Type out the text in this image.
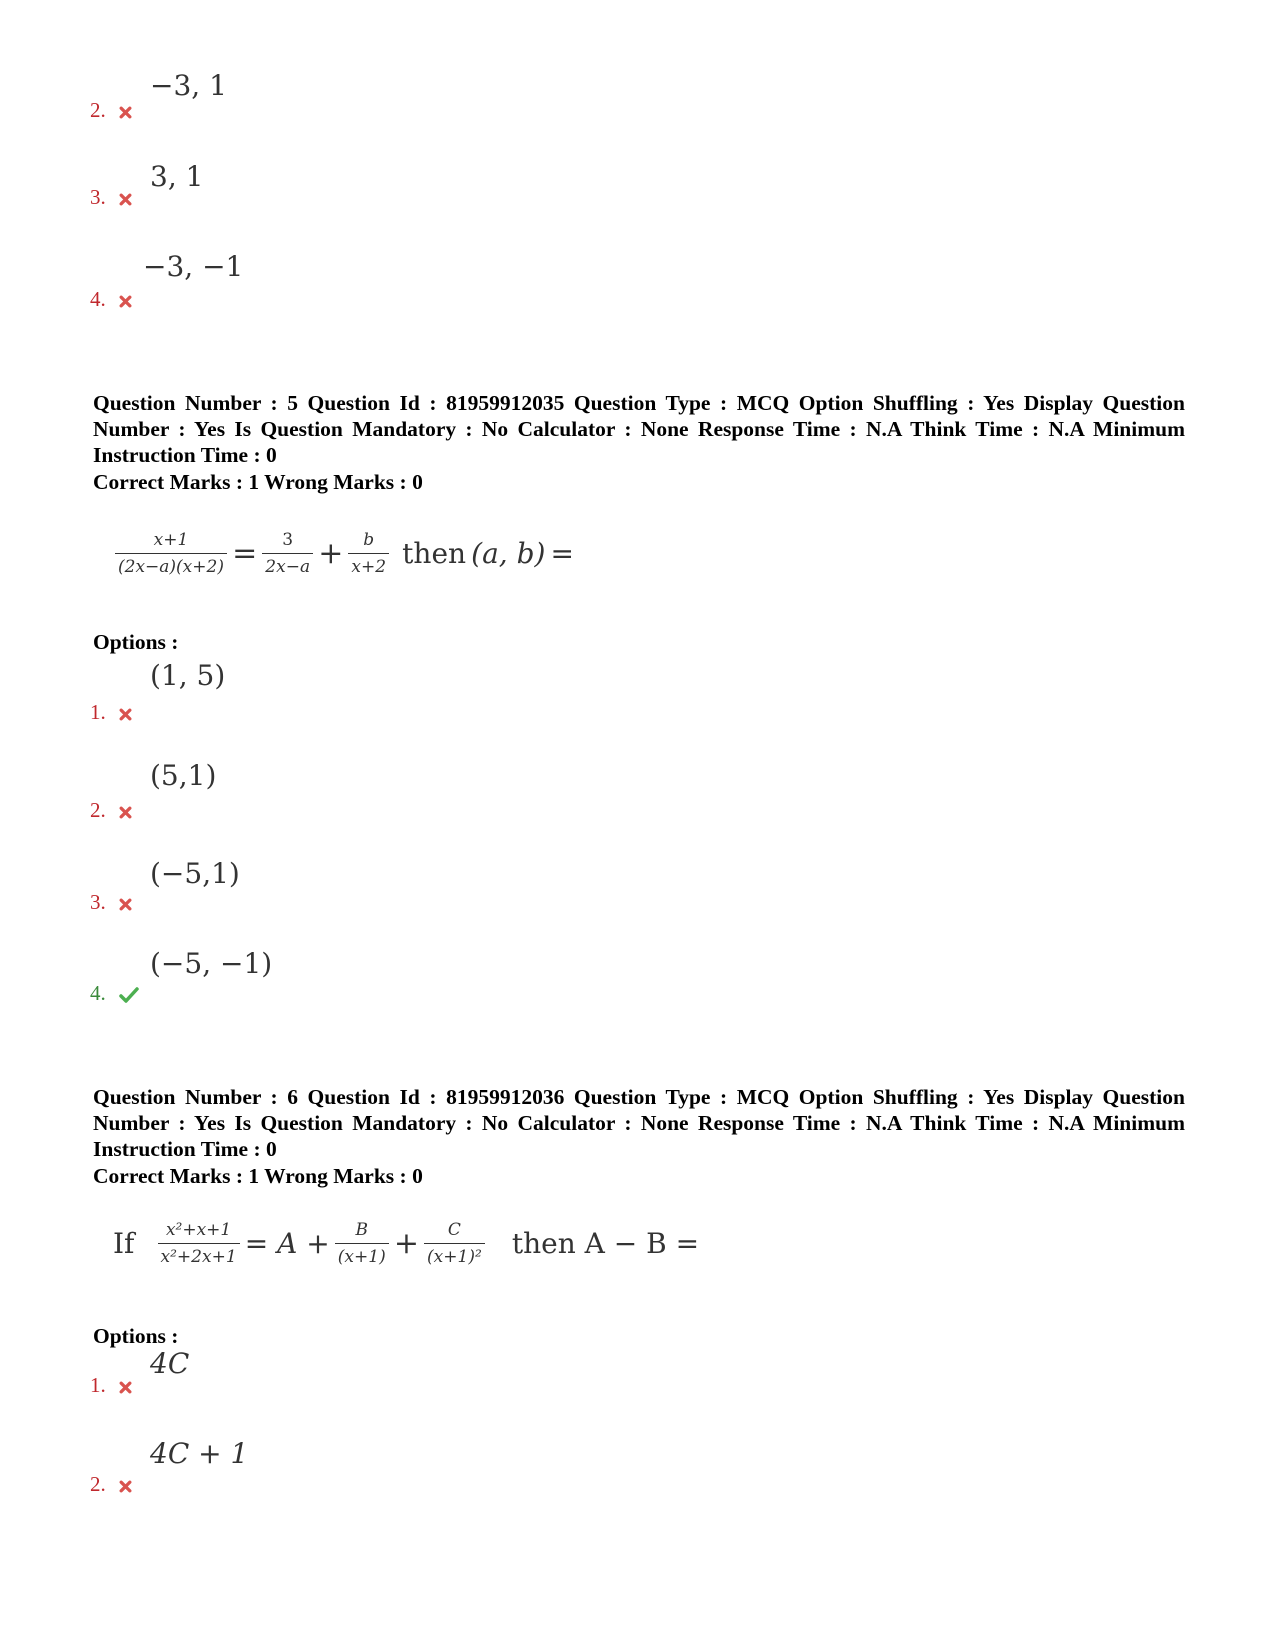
−3, 1
2.
3, 1
3.
−3, −1
4.
Question Number : 5 Question Id : 81959912035 Question Type : MCQ Option Shuffling : Yes Display Question
Number : Yes Is Question Mandatory : No Calculator : None Response Time : N.A Think Time : N.A Minimum
Instruction Time : 0
Correct Marks : 1 Wrong Marks : 0
$\frac{x+1}{(2x-a)(x+2)} = \frac{3}{2x-a} + \frac{b}{x+2}$ then (a, b) =
Options :
(1, 5)
1.
(5,1)
2.
(−5,1)
3.
(−5, −1)
4.
Question Number : 6 Question Id : 81959912036 Question Type : MCQ Option Shuffling : Yes Display Question
Number : Yes Is Question Mandatory : No Calculator : None Response Time : N.A Think Time : N.A Minimum
Instruction Time : 0
Correct Marks : 1 Wrong Marks : 0
If $\frac{\text{x²+x+1}}{\text{x²+2x+1}} = A + \frac{B}{(x+1)} + \frac{C}{\text{(x+1)²}}$ then A − B =
Options :
4C
1.
4C + 1
2.
